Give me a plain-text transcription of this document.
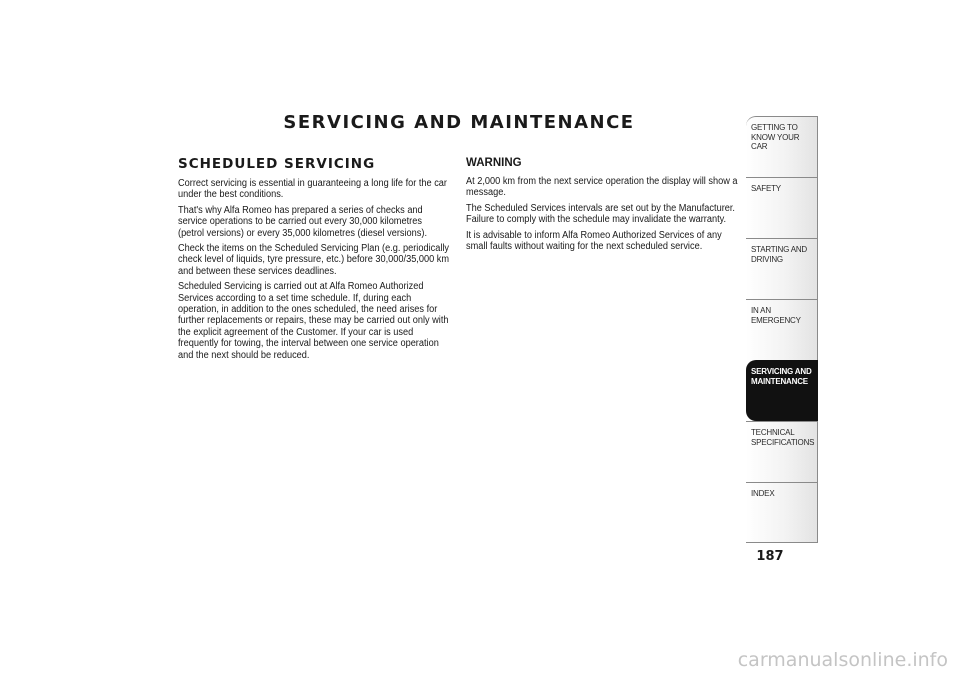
SERVICING AND MAINTENANCE
SCHEDULED SERVICING

Correct servicing is essential in guaranteeing a long life for the car under the best conditions.

That's why Alfa Romeo has prepared a series of checks and service operations to be carried out every 30,000 kilometres (petrol versions) or every 35,000 kilometres (diesel versions).

Check the items on the Scheduled Servicing Plan (e.g. periodically check level of liquids, tyre pressure, etc.) before 30,000/35,000 km and between these services deadlines.

Scheduled Servicing is carried out at Alfa Romeo Authorized Services according to a set time schedule. If, during each operation, in addition to the ones scheduled, the need arises for further replacements or repairs, these may be carried out only with the explicit agreement of the Customer. If your car is used frequently for towing, the interval between one service operation and the next should be reduced.

WARNING

At 2,000 km from the next service operation the display will show a message.

The Scheduled Services intervals are set out by the Manufacturer. Failure to comply with the schedule may invalidate the warranty.

It is advisable to inform Alfa Romeo Authorized Services of any small faults without waiting for the next scheduled service.

GETTING TO KNOW YOUR CAR
SAFETY
STARTING AND DRIVING
IN AN EMERGENCY
SERVICING AND MAINTENANCE
TECHNICAL SPECIFICATIONS
INDEX
187
carmanualsonline.info
